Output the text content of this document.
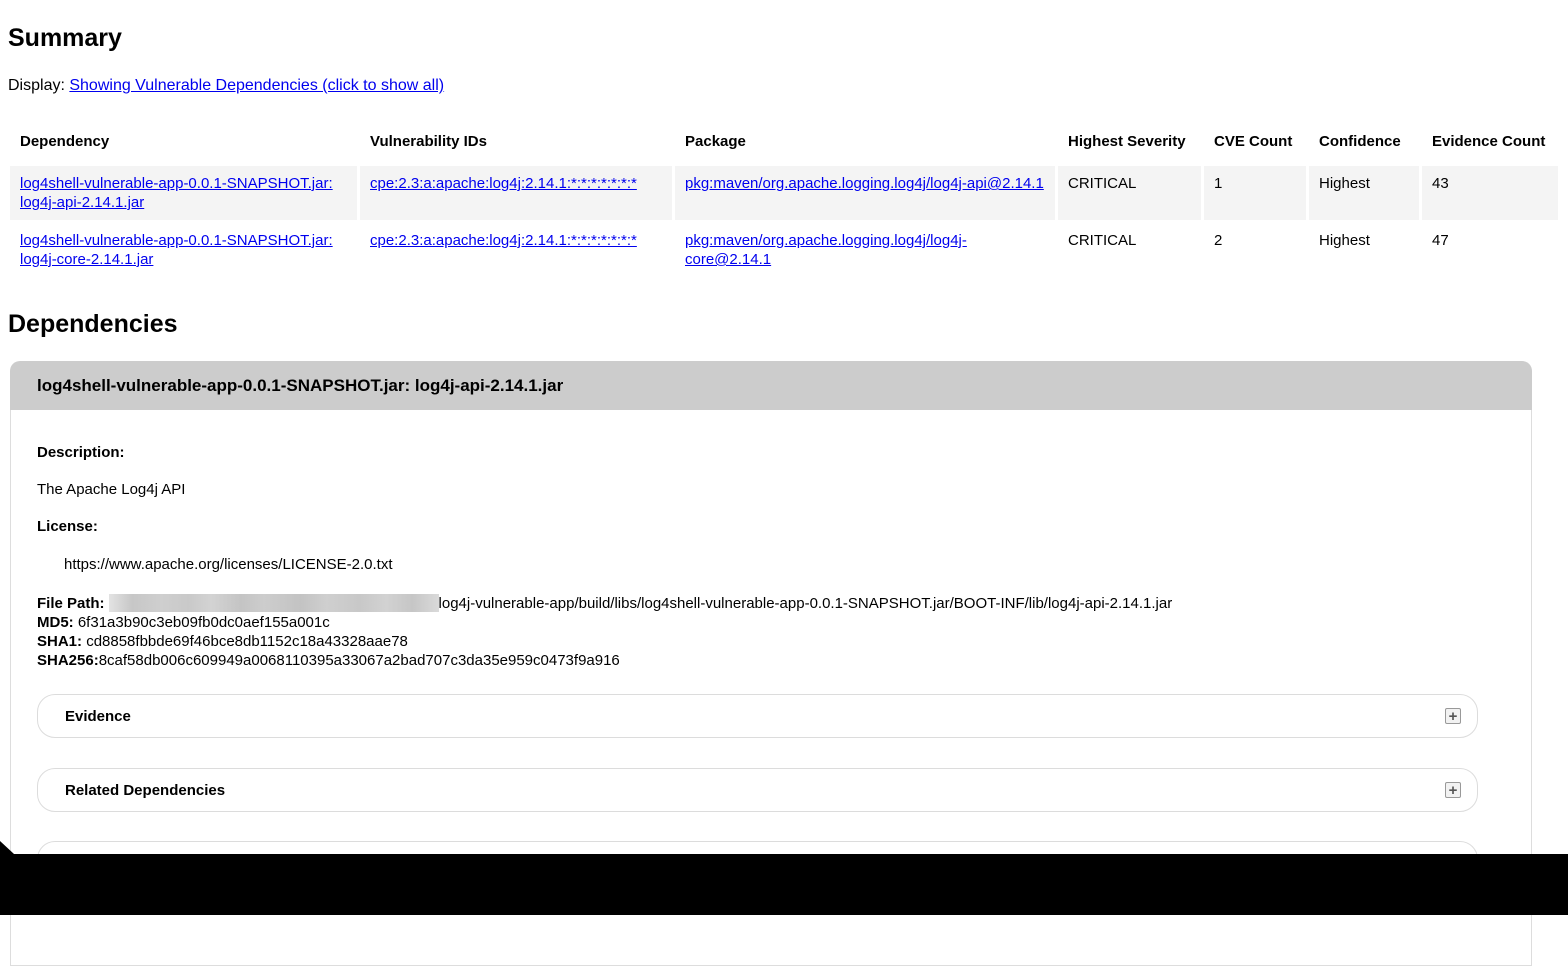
Summary

Display: Showing Vulnerable Dependencies (click to show all)

Dependency	Vulnerability IDs	Package	Highest Severity	CVE Count	Confidence	Evidence Count
log4shell-vulnerable-app-0.0.1-SNAPSHOT.jar: log4j-api-2.14.1.jar	cpe:2.3:a:apache:log4j:2.14.1:*:*:*:*:*:*:*	pkg:maven/org.apache.logging.log4j/log4j-api@2.14.1	CRITICAL	1	Highest	43
log4shell-vulnerable-app-0.0.1-SNAPSHOT.jar: log4j-core-2.14.1.jar	cpe:2.3:a:apache:log4j:2.14.1:*:*:*:*:*:*:*	pkg:maven/org.apache.logging.log4j/log4j-core@2.14.1	CRITICAL	2	Highest	47
Dependencies
log4shell-vulnerable-app-0.0.1-SNAPSHOT.jar: log4j-api-2.14.1.jar

Description:

The Apache Log4j API

License:

https://www.apache.org/licenses/LICENSE-2.0.txt

File Path:	log4j-vulnerable-app/build/libs/log4shell-vulnerable-app-0.0.1-SNAPSHOT.jar/BOOT-INF/lib/log4j-api-2.14.1.jar
MD5: 6f31a3b90c3eb09fb0dc0aef155a001c
SHA1: cd8858fbbde69f46bce8db1152c18a43328aae78
SHA256:8caf58db006c609949a0068110395a33067a2bad707c3da35e959c0473f9a916
Evidence	+
Related Dependencies	+
